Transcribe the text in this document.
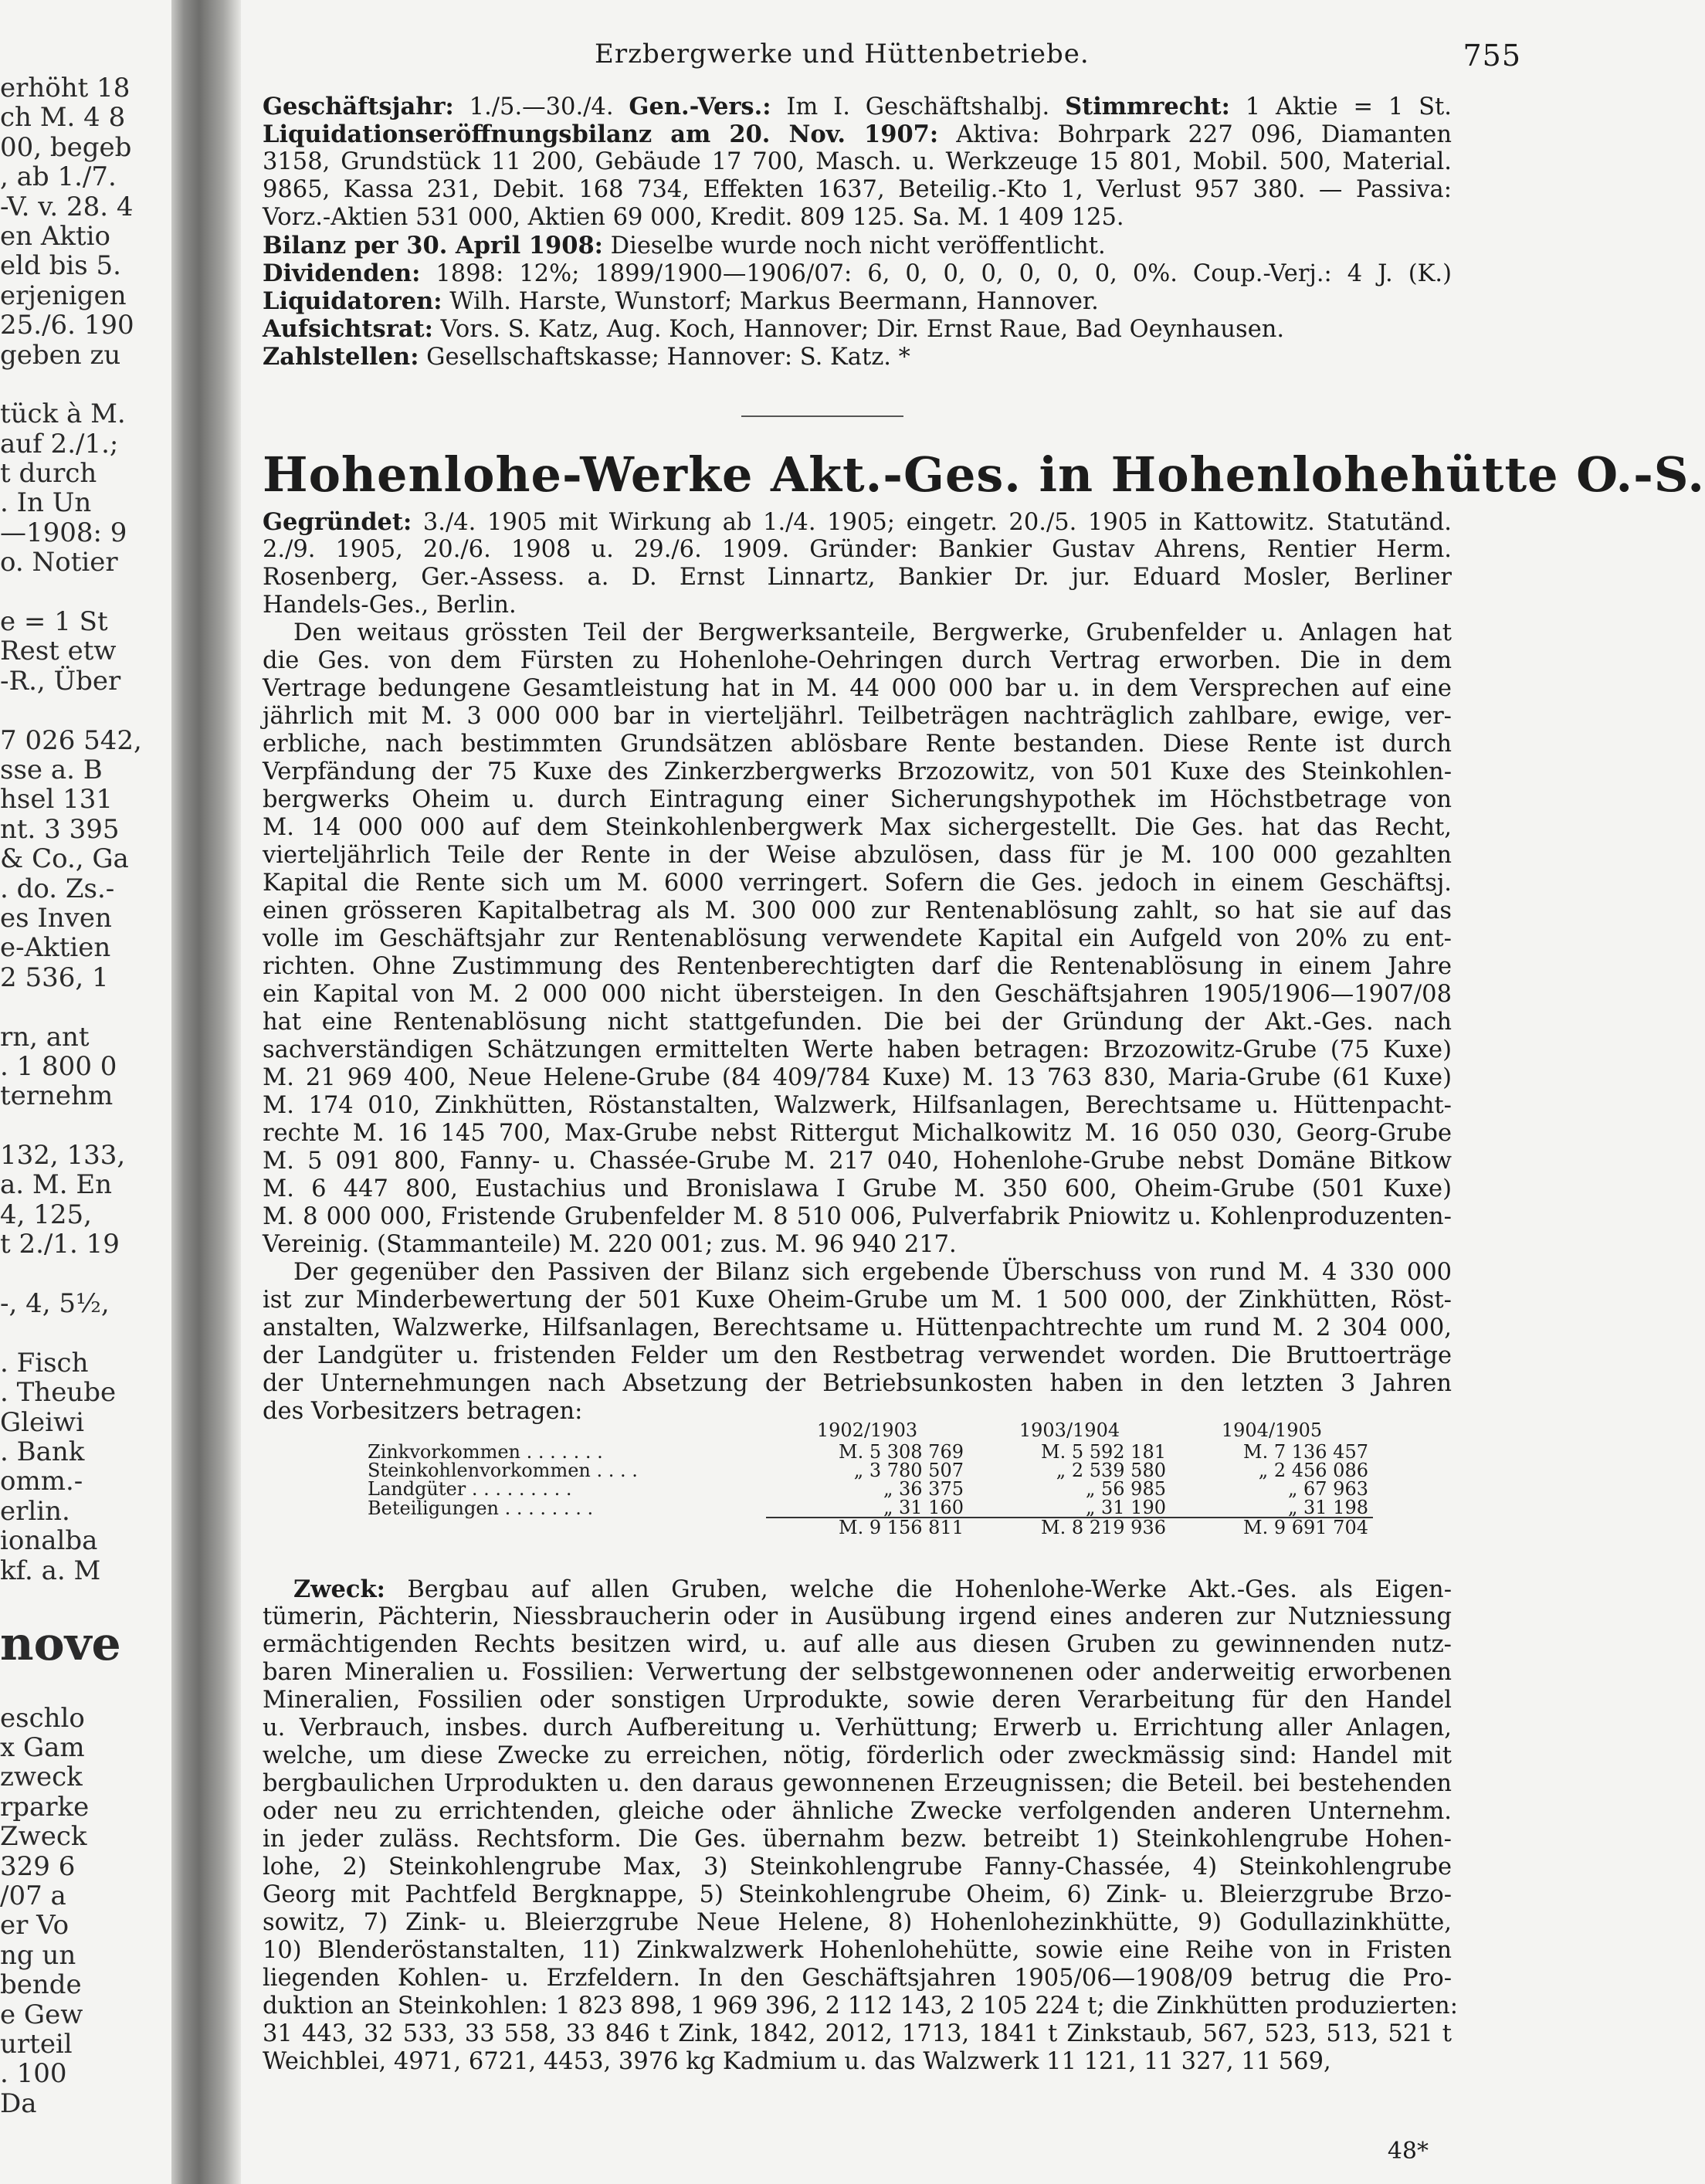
erhöht 18
ch M. 4 8
00, begeb
, ab 1./7.
-V. v. 28. 4
en Aktio
eld bis 5.
erjenigen
25./6. 190
geben zu
tück à M.
auf 2./1.;
t durch
. In Un
—1908: 9
o. Notier
e = 1 St
Rest etw
-R., Über
7 026 542,
sse a. B
hsel 131
nt. 3 395
& Co., Ga
. do. Zs.-
es Inven
e-Aktien
2 536, 1
rn, ant
. 1 800 0
ternehm
132, 133,
a. M. En
4, 125,
t 2./1. 19
-, 4, 5½,
. Fisch
. Theube
Gleiwi
. Bank
omm.-
erlin.
ionalba
kf. a. M
nove
eschlo
x Gam
zweck
rparke
Zweck
329 6
/07 a
er Vo
ng un
bende
e Gew
urteil
. 100
Da
Erzbergwerke und Hüttenbetriebe.	755
Geschäftsjahr: 1./5.—30./4. Gen.-Vers.: Im I. Geschäftshalbj. Stimmrecht: 1 Aktie = 1 St.
Liquidationseröffnungsbilanz am 20. Nov. 1907: Aktiva: Bohrpark 227 096, Diamanten
3158, Grundstück 11 200, Gebäude 17 700, Masch. u. Werkzeuge 15 801, Mobil. 500, Material.
9865, Kassa 231, Debit. 168 734, Effekten 1637, Beteilig.-Kto 1, Verlust 957 380. — Passiva:
Vorz.-Aktien 531 000, Aktien 69 000, Kredit. 809 125. Sa. M. 1 409 125.
Bilanz per 30. April 1908: Dieselbe wurde noch nicht veröffentlicht.
Dividenden: 1898: 12%; 1899/1900—1906/07: 6, 0, 0, 0, 0, 0, 0, 0%. Coup.-Verj.: 4 J. (K.)
Liquidatoren: Wilh. Harste, Wunstorf; Markus Beermann, Hannover.
Aufsichtsrat: Vors. S. Katz, Aug. Koch, Hannover; Dir. Ernst Raue, Bad Oeynhausen.
Zahlstellen: Gesellschaftskasse; Hannover: S. Katz. *
Hohenlohe-Werke Akt.-Ges. in Hohenlohehütte O.-S.
Gegründet: 3./4. 1905 mit Wirkung ab 1./4. 1905; eingetr. 20./5. 1905 in Kattowitz. Statutänd.
2./9. 1905, 20./6. 1908 u. 29./6. 1909. Gründer: Bankier Gustav Ahrens, Rentier Herm.
Rosenberg, Ger.-Assess. a. D. Ernst Linnartz, Bankier Dr. jur. Eduard Mosler, Berliner
Handels-Ges., Berlin.
Den weitaus grössten Teil der Bergwerksanteile, Bergwerke, Grubenfelder u. Anlagen hat
die Ges. von dem Fürsten zu Hohenlohe-Oehringen durch Vertrag erworben. Die in dem
Vertrage bedungene Gesamtleistung hat in M. 44 000 000 bar u. in dem Versprechen auf eine
jährlich mit M. 3 000 000 bar in vierteljährl. Teilbeträgen nachträglich zahlbare, ewige, ver-
erbliche, nach bestimmten Grundsätzen ablösbare Rente bestanden. Diese Rente ist durch
Verpfändung der 75 Kuxe des Zinkerzbergwerks Brzozowitz, von 501 Kuxe des Steinkohlen-
bergwerks Oheim u. durch Eintragung einer Sicherungshypothek im Höchstbetrage von
M. 14 000 000 auf dem Steinkohlenbergwerk Max sichergestellt. Die Ges. hat das Recht,
vierteljährlich Teile der Rente in der Weise abzulösen, dass für je M. 100 000 gezahlten
Kapital die Rente sich um M. 6000 verringert. Sofern die Ges. jedoch in einem Geschäftsj.
einen grösseren Kapitalbetrag als M. 300 000 zur Rentenablösung zahlt, so hat sie auf das
volle im Geschäftsjahr zur Rentenablösung verwendete Kapital ein Aufgeld von 20% zu ent-
richten. Ohne Zustimmung des Rentenberechtigten darf die Rentenablösung in einem Jahre
ein Kapital von M. 2 000 000 nicht übersteigen. In den Geschäftsjahren 1905/1906—1907/08
hat eine Rentenablösung nicht stattgefunden. Die bei der Gründung der Akt.-Ges. nach
sachverständigen Schätzungen ermittelten Werte haben betragen: Brzozowitz-Grube (75 Kuxe)
M. 21 969 400, Neue Helene-Grube (84 409/784 Kuxe) M. 13 763 830, Maria-Grube (61 Kuxe)
M. 174 010, Zinkhütten, Röstanstalten, Walzwerk, Hilfsanlagen, Berechtsame u. Hüttenpacht-
rechte M. 16 145 700, Max-Grube nebst Rittergut Michalkowitz M. 16 050 030, Georg-Grube
M. 5 091 800, Fanny- u. Chassée-Grube M. 217 040, Hohenlohe-Grube nebst Domäne Bitkow
M. 6 447 800, Eustachius und Bronislawa I Grube M. 350 600, Oheim-Grube (501 Kuxe)
M. 8 000 000, Fristende Grubenfelder M. 8 510 006, Pulverfabrik Pniowitz u. Kohlenproduzenten-
Vereinig. (Stammanteile) M. 220 001; zus. M. 96 940 217.
Der gegenüber den Passiven der Bilanz sich ergebende Überschuss von rund M. 4 330 000
ist zur Minderbewertung der 501 Kuxe Oheim-Grube um M. 1 500 000, der Zinkhütten, Röst-
anstalten, Walzwerke, Hilfsanlagen, Berechtsame u. Hüttenpachtrechte um rund M. 2 304 000,
der Landgüter u. fristenden Felder um den Restbetrag verwendet worden. Die Bruttoerträge
der Unternehmungen nach Absetzung der Betriebsunkosten haben in den letzten 3 Jahren
des Vorbesitzers betragen:
	1902/1903	1903/1904	1904/1905
Zinkvorkommen . . . . . . .	M. 5 308 769	M. 5 592 181	M. 7 136 457
Steinkohlenvorkommen . . . .	„ 3 780 507	„ 2 539 580	„ 2 456 086
Landgüter . . . . . . . . .	„ 36 375	„ 56 985	„ 67 963
Beteiligungen . . . . . . . .	„ 31 160	„ 31 190	„ 31 198
	M. 9 156 811	M. 8 219 936	M. 9 691 704
Zweck: Bergbau auf allen Gruben, welche die Hohenlohe-Werke Akt.-Ges. als Eigen-
tümerin, Pächterin, Niessbraucherin oder in Ausübung irgend eines anderen zur Nutzniessung
ermächtigenden Rechts besitzen wird, u. auf alle aus diesen Gruben zu gewinnenden nutz-
baren Mineralien u. Fossilien: Verwertung der selbstgewonnenen oder anderweitig erworbenen
Mineralien, Fossilien oder sonstigen Urprodukte, sowie deren Verarbeitung für den Handel
u. Verbrauch, insbes. durch Aufbereitung u. Verhüttung; Erwerb u. Errichtung aller Anlagen,
welche, um diese Zwecke zu erreichen, nötig, förderlich oder zweckmässig sind: Handel mit
bergbaulichen Urprodukten u. den daraus gewonnenen Erzeugnissen; die Beteil. bei bestehenden
oder neu zu errichtenden, gleiche oder ähnliche Zwecke verfolgenden anderen Unternehm.
in jeder zuläss. Rechtsform. Die Ges. übernahm bezw. betreibt 1) Steinkohlengrube Hohen-
lohe, 2) Steinkohlengrube Max, 3) Steinkohlengrube Fanny-Chassée, 4) Steinkohlengrube
Georg mit Pachtfeld Bergknappe, 5) Steinkohlengrube Oheim, 6) Zink- u. Bleierzgrube Brzo-
sowitz, 7) Zink- u. Bleierzgrube Neue Helene, 8) Hohenlohezinkhütte, 9) Godullazinkhütte,
10) Blenderöstanstalten, 11) Zinkwalzwerk Hohenlohehütte, sowie eine Reihe von in Fristen
liegenden Kohlen- u. Erzfeldern. In den Geschäftsjahren 1905/06—1908/09 betrug die Pro-
duktion an Steinkohlen: 1 823 898, 1 969 396, 2 112 143, 2 105 224 t; die Zinkhütten produzierten:
31 443, 32 533, 33 558, 33 846 t Zink, 1842, 2012, 1713, 1841 t Zinkstaub, 567, 523, 513, 521 t
Weichblei, 4971, 6721, 4453, 3976 kg Kadmium u. das Walzwerk 11 121, 11 327, 11 569,
48*
